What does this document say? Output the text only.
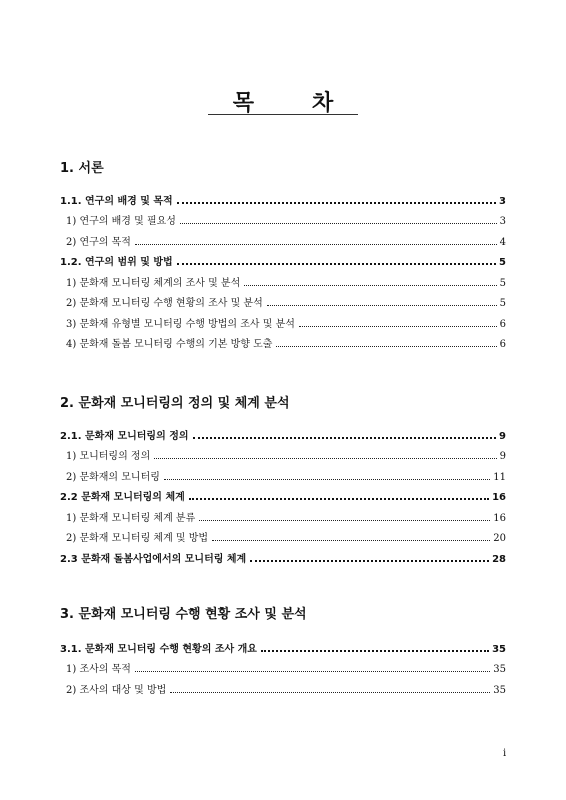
목	차
1. 서론
1.1. 연구의 배경 및 목적	3
1) 연구의 배경 및 필요성	3
2) 연구의 목적	4
1.2. 연구의 범위 및 방법	5
1) 문화재 모니터링 체계의 조사 및 분석	5
2) 문화재 모니터링 수행 현황의 조사 및 분석	5
3) 문화재 유형별 모니터링 수행 방법의 조사 및 분석	6
4) 문화재 돌봄 모니터링 수행의 기본 방향 도출	6
2. 문화재 모니터링의 정의 및 체계 분석
2.1. 문화재 모니터링의 정의	9
1) 모니터링의 정의	9
2) 문화재의 모니터링	11
2.2 문화재 모니터링의 체계	16
1) 문화재 모니터링 체계 분류	16
2) 문화재 모니터링 체계 및 방법	20
2.3 문화재 돌봄사업에서의 모니터링 체계	28
3. 문화재 모니터링 수행 현황 조사 및 분석
3.1. 문화재 모니터링 수행 현황의 조사 개요	35
1) 조사의 목적	35
2) 조사의 대상 및 방법	35
i
